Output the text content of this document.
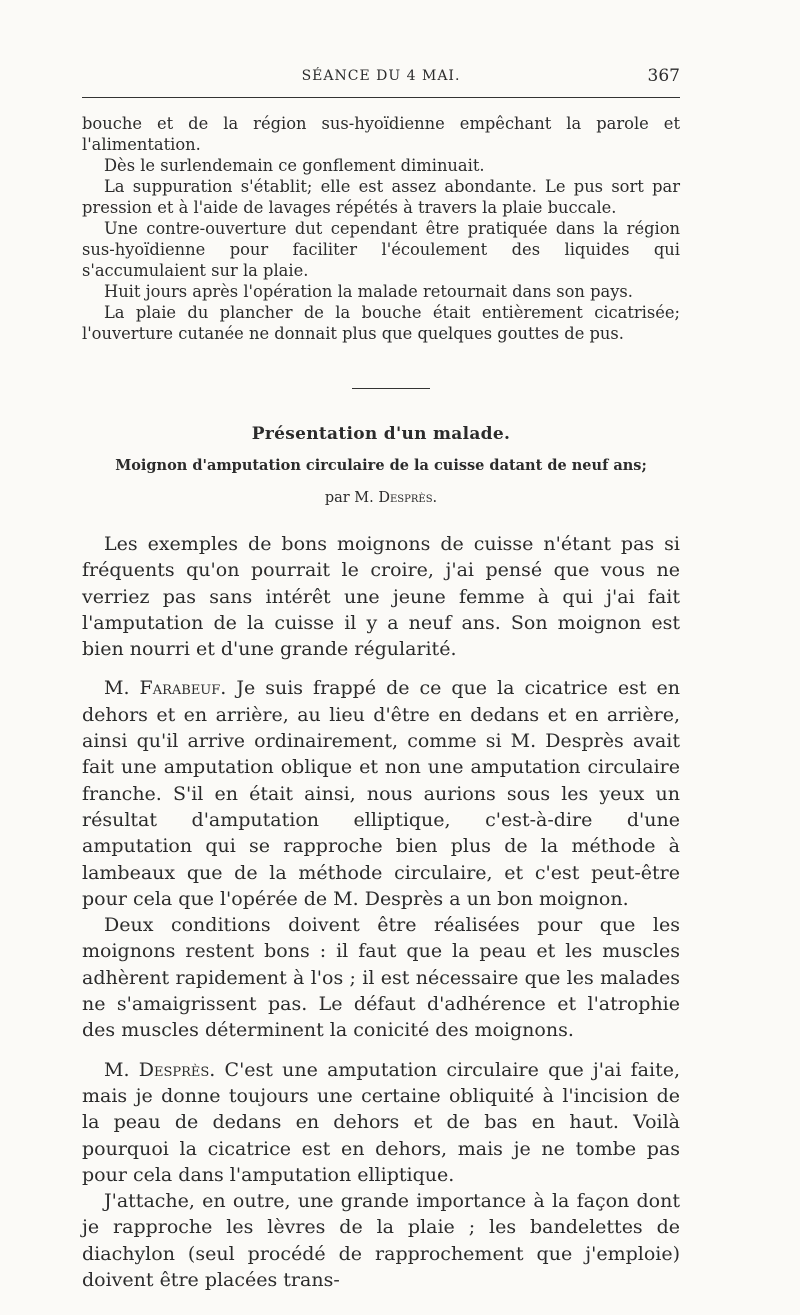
SÉANCE DU 4 MAI.	367

bouche et de la région sus-hyoïdienne empêchant la parole et l'alimentation.

Dès le surlendemain ce gonflement diminuait.

La suppuration s'établit; elle est assez abondante. Le pus sort par pression et à l'aide de lavages répétés à travers la plaie buccale.

Une contre-ouverture dut cependant être pratiquée dans la région sus-hyoïdienne pour faciliter l'écoulement des liquides qui s'accumulaient sur la plaie.

Huit jours après l'opération la malade retournait dans son pays.

La plaie du plancher de la bouche était entièrement cicatrisée; l'ouverture cutanée ne donnait plus que quelques gouttes de pus.

Présentation d'un malade.
Moignon d'amputation circulaire de la cuisse datant de neuf ans;
par M. Desprès.

Les exemples de bons moignons de cuisse n'étant pas si fréquents qu'on pourrait le croire, j'ai pensé que vous ne verriez pas sans intérêt une jeune femme à qui j'ai fait l'amputation de la cuisse il y a neuf ans. Son moignon est bien nourri et d'une grande régularité.

M. Farabeuf. Je suis frappé de ce que la cicatrice est en dehors et en arrière, au lieu d'être en dedans et en arrière, ainsi qu'il arrive ordinairement, comme si M. Desprès avait fait une amputation oblique et non une amputation circulaire franche. S'il en était ainsi, nous aurions sous les yeux un résultat d'amputation elliptique, c'est-à-dire d'une amputation qui se rapproche bien plus de la méthode à lambeaux que de la méthode circulaire, et c'est peut-être pour cela que l'opérée de M. Desprès a un bon moignon.

Deux conditions doivent être réalisées pour que les moignons restent bons : il faut que la peau et les muscles adhèrent rapidement à l'os ; il est nécessaire que les malades ne s'amaigrissent pas. Le défaut d'adhérence et l'atrophie des muscles déterminent la conicité des moignons.

M. Desprès. C'est une amputation circulaire que j'ai faite, mais je donne toujours une certaine obliquité à l'incision de la peau de dedans en dehors et de bas en haut. Voilà pourquoi la cicatrice est en dehors, mais je ne tombe pas pour cela dans l'amputation elliptique.

J'attache, en outre, une grande importance à la façon dont je rapproche les lèvres de la plaie ; les bandelettes de diachylon (seul procédé de rapprochement que j'emploie) doivent être placées trans-
